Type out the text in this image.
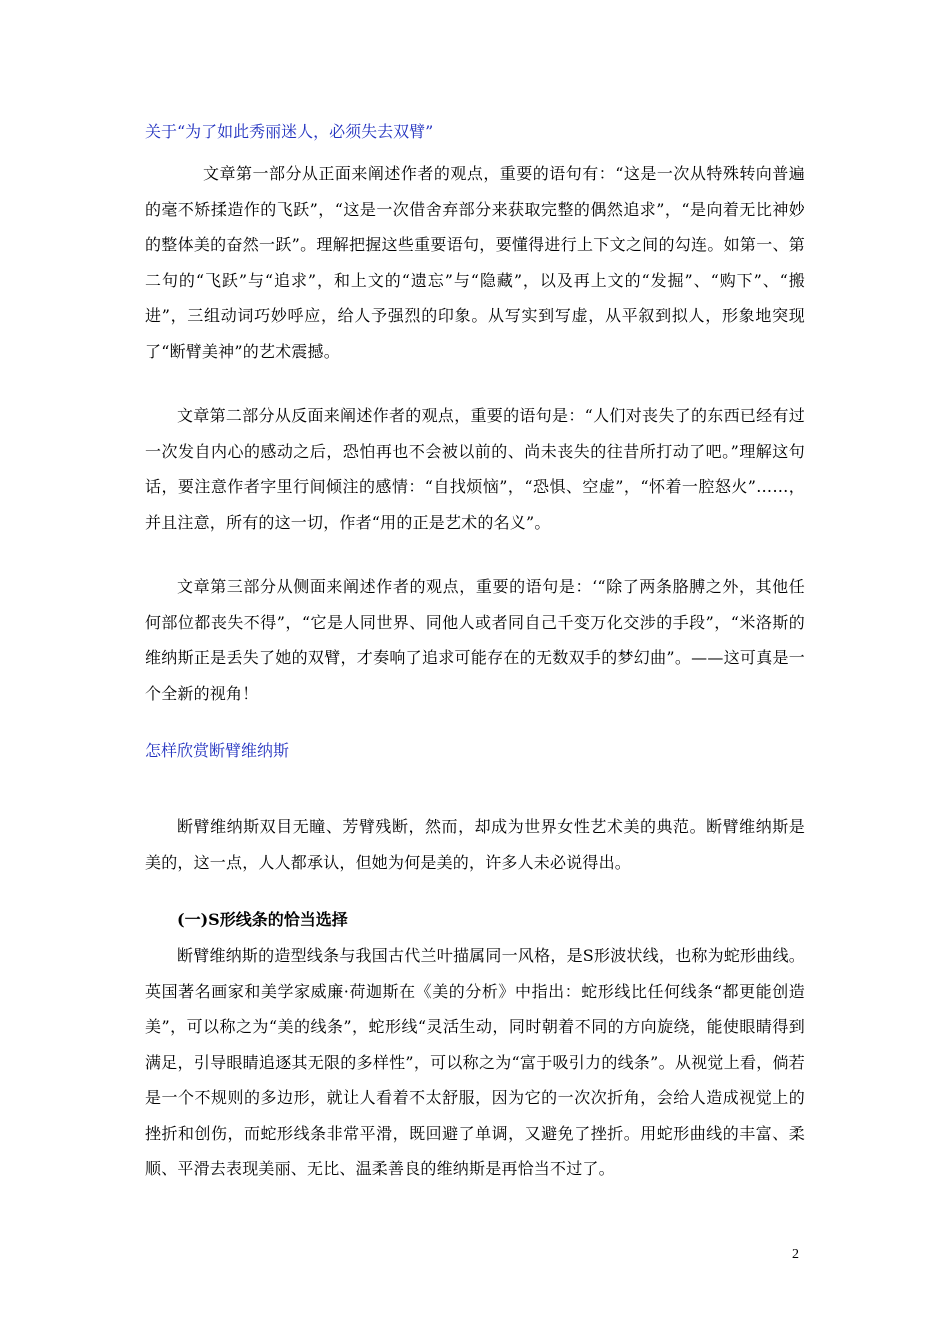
关于“为了如此秀丽迷人，必须失去双臂”
文章第一部分从正面来阐述作者的观点，重要的语句有：“这是一次从特殊转向普遍的毫不矫揉造作的飞跃”，“这是一次借舍弃部分来获取完整的偶然追求”，“是向着无比神妙的整体美的奋然一跃”。理解把握这些重要语句，要懂得进行上下文之间的勾连。如第一、第二句的“飞跃”与“追求”，和上文的“遗忘”与“隐藏”，以及再上文的“发掘”、“购下”、“搬进”，三组动词巧妙呼应，给人予强烈的印象。从写实到写虚，从平叙到拟人，形象地突现了“断臂美神”的艺术震撼。
文章第二部分从反面来阐述作者的观点，重要的语句是：“人们对丧失了的东西已经有过一次发自内心的感动之后，恐怕再也不会被以前的、尚未丧失的往昔所打动了吧。”理解这句话，要注意作者字里行间倾注的感情：“自找烦恼”，“恐惧、空虚”，“怀着一腔怒火”……，并且注意，所有的这一切，作者“用的正是艺术的名义”。
文章第三部分从侧面来阐述作者的观点，重要的语句是：‘“除了两条胳膊之外，其他任何部位都丧失不得”，“它是人同世界、同他人或者同自己千变万化交涉的手段”，“米洛斯的维纳斯正是丢失了她的双臂，才奏响了追求可能存在的无数双手的梦幻曲”。——这可真是一个全新的视角！
怎样欣赏断臂维纳斯
断臂维纳斯双目无瞳、芳臂残断，然而，却成为世界女性艺术美的典范。断臂维纳斯是美的，这一点，人人都承认，但她为何是美的，许多人未必说得出。
(一)S形线条的恰当选择
断臂维纳斯的造型线条与我国古代兰叶描属同一风格，是S形波状线，也称为蛇形曲线。英国著名画家和美学家威廉·荷迦斯在《美的分析》中指出：蛇形线比任何线条“都更能创造美”，可以称之为“美的线条”，蛇形线“灵活生动，同时朝着不同的方向旋绕，能使眼睛得到满足，引导眼睛追逐其无限的多样性”，可以称之为“富于吸引力的线条”。从视觉上看，倘若是一个不规则的多边形，就让人看着不太舒服，因为它的一次次折角，会给人造成视觉上的挫折和创伤，而蛇形线条非常平滑，既回避了单调，又避免了挫折。用蛇形曲线的丰富、柔顺、平滑去表现美丽、无比、温柔善良的维纳斯是再恰当不过了。
2
